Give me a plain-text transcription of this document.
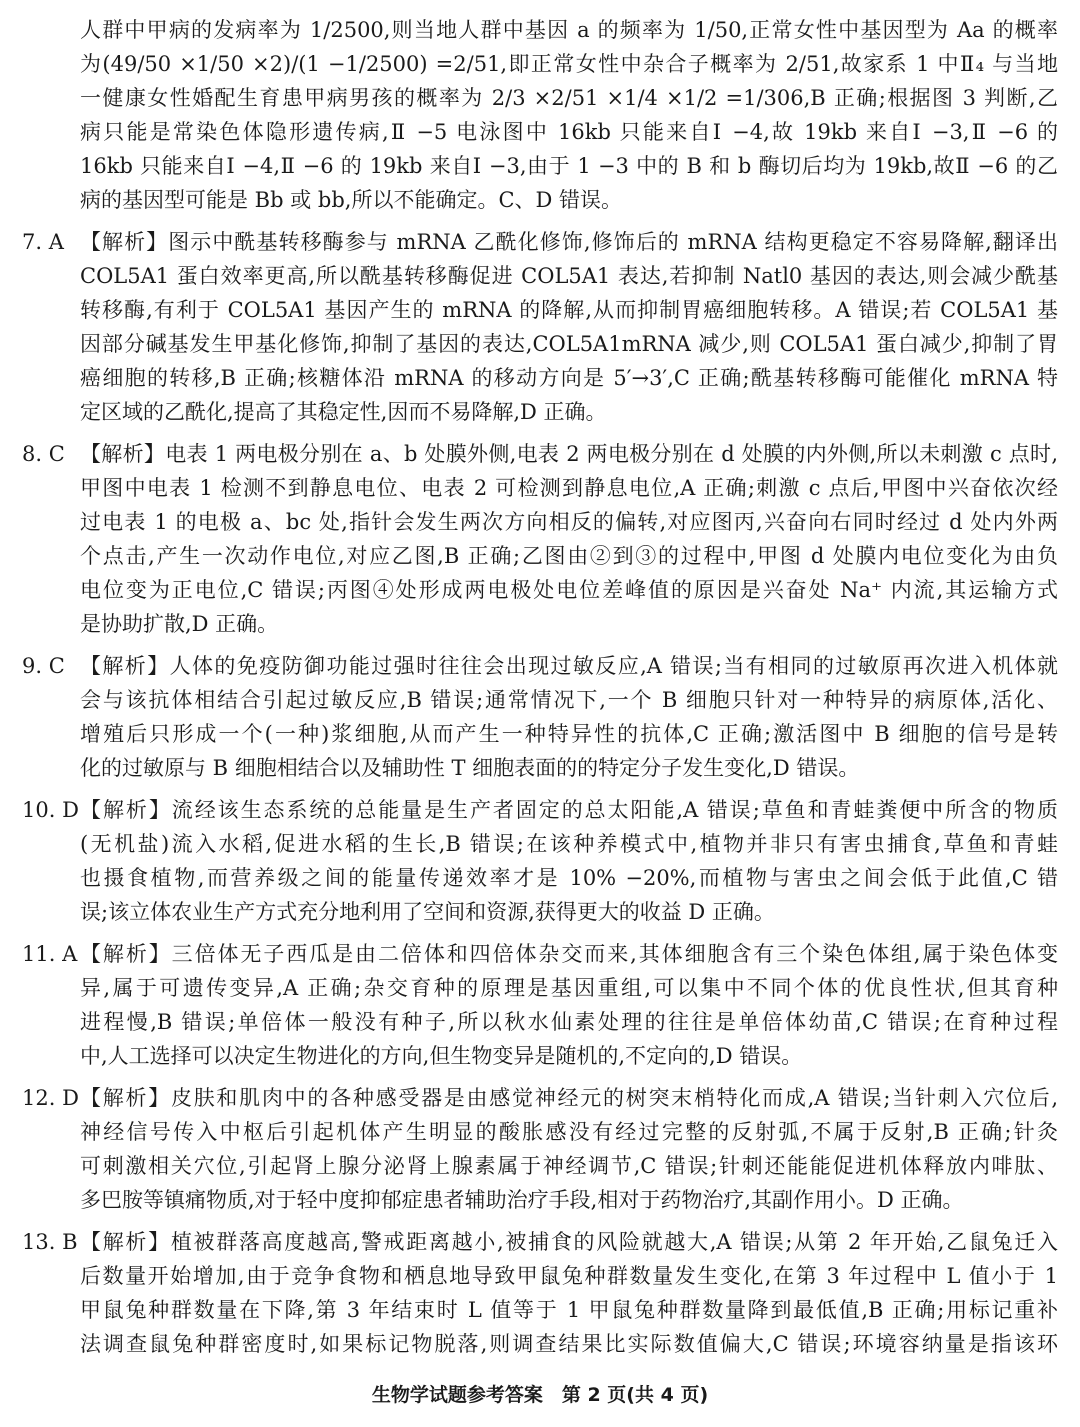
人群中甲病的发病率为 1/2500,则当地人群中基因 a 的频率为 1/50,正常女性中基因型为 Aa 的概率
为(49/50 ×1/50 ×2)/(1 −1/2500) =2/51,即正常女性中杂合子概率为 2/51,故家系 1 中Ⅱ₄ 与当地
一健康女性婚配生育患甲病男孩的概率为 2/3 ×2/51 ×1/4 ×1/2 =1/306,B 正确;根据图 3 判断,乙
病只能是常染色体隐形遗传病,Ⅱ −5 电泳图中 16kb 只能来自Ⅰ −4,故 19kb 来自Ⅰ −3,Ⅱ −6 的
16kb 只能来自Ⅰ −4,Ⅱ −6 的 19kb 来自Ⅰ −3,由于 1 −3 中的 B 和 b 酶切后均为 19kb,故Ⅱ −6 的乙
病的基因型可能是 Bb 或 bb,所以不能确定。C、D 错误。
7. A 【解析】图示中酰基转移酶参与 mRNA 乙酰化修饰,修饰后的 mRNA 结构更稳定不容易降解,翻译出
COL5A1 蛋白效率更高,所以酰基转移酶促进 COL5A1 表达,若抑制 Natl0 基因的表达,则会减少酰基
转移酶,有利于 COL5A1 基因产生的 mRNA 的降解,从而抑制胃癌细胞转移。A 错误;若 COL5A1 基
因部分碱基发生甲基化修饰,抑制了基因的表达,COL5A1mRNA 减少,则 COL5A1 蛋白减少,抑制了胃
癌细胞的转移,B 正确;核糖体沿 mRNA 的移动方向是 5′→3′,C 正确;酰基转移酶可能催化 mRNA 特
定区域的乙酰化,提高了其稳定性,因而不易降解,D 正确。
8. C 【解析】电表 1 两电极分别在 a、b 处膜外侧,电表 2 两电极分别在 d 处膜的内外侧,所以未刺激 c 点时,
甲图中电表 1 检测不到静息电位、电表 2 可检测到静息电位,A 正确;刺激 c 点后,甲图中兴奋依次经
过电表 1 的电极 a、bc 处,指针会发生两次方向相反的偏转,对应图丙,兴奋向右同时经过 d 处内外两
个点击,产生一次动作电位,对应乙图,B 正确;乙图由②到③的过程中,甲图 d 处膜内电位变化为由负
电位变为正电位,C 错误;丙图④处形成两电极处电位差峰值的原因是兴奋处 Na⁺ 内流,其运输方式
是协助扩散,D 正确。
9. C 【解析】人体的免疫防御功能过强时往往会出现过敏反应,A 错误;当有相同的过敏原再次进入机体就
会与该抗体相结合引起过敏反应,B 错误;通常情况下,一个 B 细胞只针对一种特异的病原体,活化、
增殖后只形成一个(一种)浆细胞,从而产生一种特异性的抗体,C 正确;激活图中 B 细胞的信号是转
化的过敏原与 B 细胞相结合以及辅助性 T 细胞表面的的特定分子发生变化,D 错误。
10. D 【解析】流经该生态系统的总能量是生产者固定的总太阳能,A 错误;草鱼和青蛙粪便中所含的物质
(无机盐)流入水稻,促进水稻的生长,B 错误;在该种养模式中,植物并非只有害虫捕食,草鱼和青蛙
也摄食植物,而营养级之间的能量传递效率才是 10% −20%,而植物与害虫之间会低于此值,C 错
误;该立体农业生产方式充分地利用了空间和资源,获得更大的收益 D 正确。
11. A 【解析】三倍体无子西瓜是由二倍体和四倍体杂交而来,其体细胞含有三个染色体组,属于染色体变
异,属于可遗传变异,A 正确;杂交育种的原理是基因重组,可以集中不同个体的优良性状,但其育种
进程慢,B 错误;单倍体一般没有种子,所以秋水仙素处理的往往是单倍体幼苗,C 错误;在育种过程
中,人工选择可以决定生物进化的方向,但生物变异是随机的,不定向的,D 错误。
12. D 【解析】皮肤和肌肉中的各种感受器是由感觉神经元的树突末梢特化而成,A 错误;当针刺入穴位后,
神经信号传入中枢后引起机体产生明显的酸胀感没有经过完整的反射弧,不属于反射,B 正确;针灸
可刺激相关穴位,引起肾上腺分泌肾上腺素属于神经调节,C 错误;针刺还能能促进机体释放内啡肽、
多巴胺等镇痛物质,对于轻中度抑郁症患者辅助治疗手段,相对于药物治疗,其副作用小。D 正确。
13. B 【解析】植被群落高度越高,警戒距离越小,被捕食的风险就越大,A 错误;从第 2 年开始,乙鼠兔迁入
后数量开始增加,由于竞争食物和栖息地导致甲鼠兔种群数量发生变化,在第 3 年过程中 L 值小于 1
甲鼠兔种群数量在下降,第 3 年结束时 L 值等于 1 甲鼠兔种群数量降到最低值,B 正确;用标记重补
法调查鼠兔种群密度时,如果标记物脱落,则调查结果比实际数值偏大,C 错误;环境容纳量是指该环
生物学试题参考答案　第 2 页(共 4 页)
